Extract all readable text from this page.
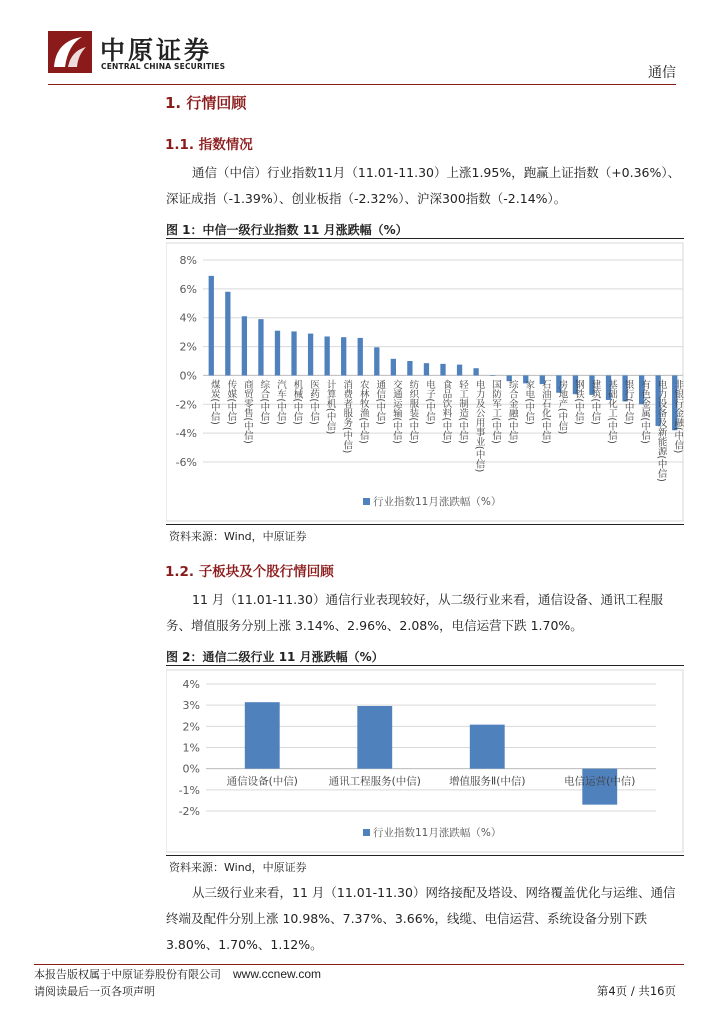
中原证券
CENTRAL CHINA SECURITIES	通信
1. 行情回顾
1.1. 指数情况
通信（中信）行业指数11月（11.01-11.30）上涨1.95%，跑赢上证指数（+0.36%）、深证成指（-1.39%）、创业板指（-2.32%）、沪深300指数（-2.14%）。
图 1：中信一级行业指数 11 月涨跌幅（%）
8%
6%
4%
2%
0%
-2%
-4%
-6%
煤炭(中信) 传媒(中信) 商贸零售(中信) 综合(中信) 汽车(中信) 机械(中信) 医药(中信) 计算机(中信) 消费者服务(中信) 农林牧渔(中信) 通信(中信) 交通运输(中信) 纺织服装(中信) 电子(中信) 食品饮料(中信) 轻工制造(中信) 电力及公用事业(中信) 国防军工(中信) 综合金融(中信) 家电(中信) 石油石化(中信) 房地产(中信) 钢铁(中信) 建筑(中信) 基础化工(中信) 银行(中信) 有色金属(中信) 电力设备及新能源(中信) 非银行金融(中信)
行业指数11月涨跌幅（%）
资料来源：Wind，中原证券
1.2. 子板块及个股行情回顾
11 月（11.01-11.30）通信行业表现较好，从二级行业来看，通信设备、通讯工程服务、增值服务分别上涨 3.14%、2.96%、2.08%，电信运营下跌 1.70%。
图 2：通信二级行业 11 月涨跌幅（%）
4%
3%
2%
1%
0%
-1%
-2%
通信设备(中信)	通讯工程服务(中信)	增值服务Ⅱ(中信)	电信运营(中信)
行业指数11月涨跌幅（%）
资料来源：Wind，中原证券
从三级行业来看，11 月（11.01-11.30）网络接配及塔设、网络覆盖优化与运维、通信终端及配件分别上涨 10.98%、7.37%、3.66%，线缆、电信运营、系统设备分别下跌 3.80%、1.70%、1.12%。
本报告版权属于中原证券股份有限公司 www.ccnew.com
请阅读最后一页各项声明	第4页 / 共16页
